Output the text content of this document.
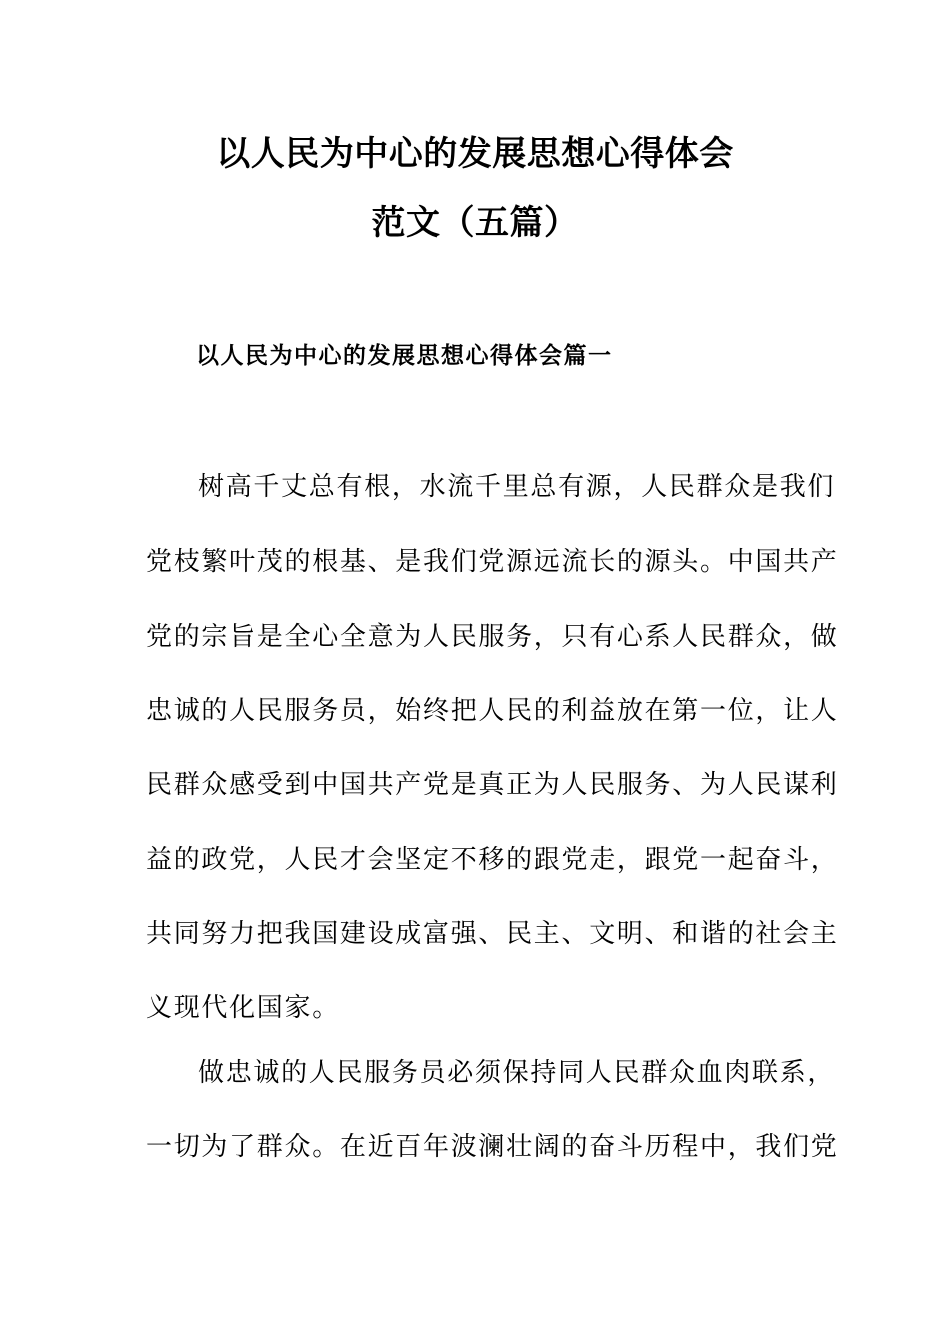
以人民为中心的发展思想心得体会
范文（五篇）
以人民为中心的发展思想心得体会篇一
树高千丈总有根，水流千里总有源，人民群众是我们
党枝繁叶茂的根基、是我们党源远流长的源头。中国共产
党的宗旨是全心全意为人民服务，只有心系人民群众，做
忠诚的人民服务员，始终把人民的利益放在第一位，让人
民群众感受到中国共产党是真正为人民服务、为人民谋利
益的政党，人民才会坚定不移的跟党走，跟党一起奋斗，
共同努力把我国建设成富强、民主、文明、和谐的社会主
义现代化国家。
做忠诚的人民服务员必须保持同人民群众血肉联系，
一切为了群众。在近百年波澜壮阔的奋斗历程中，我们党
